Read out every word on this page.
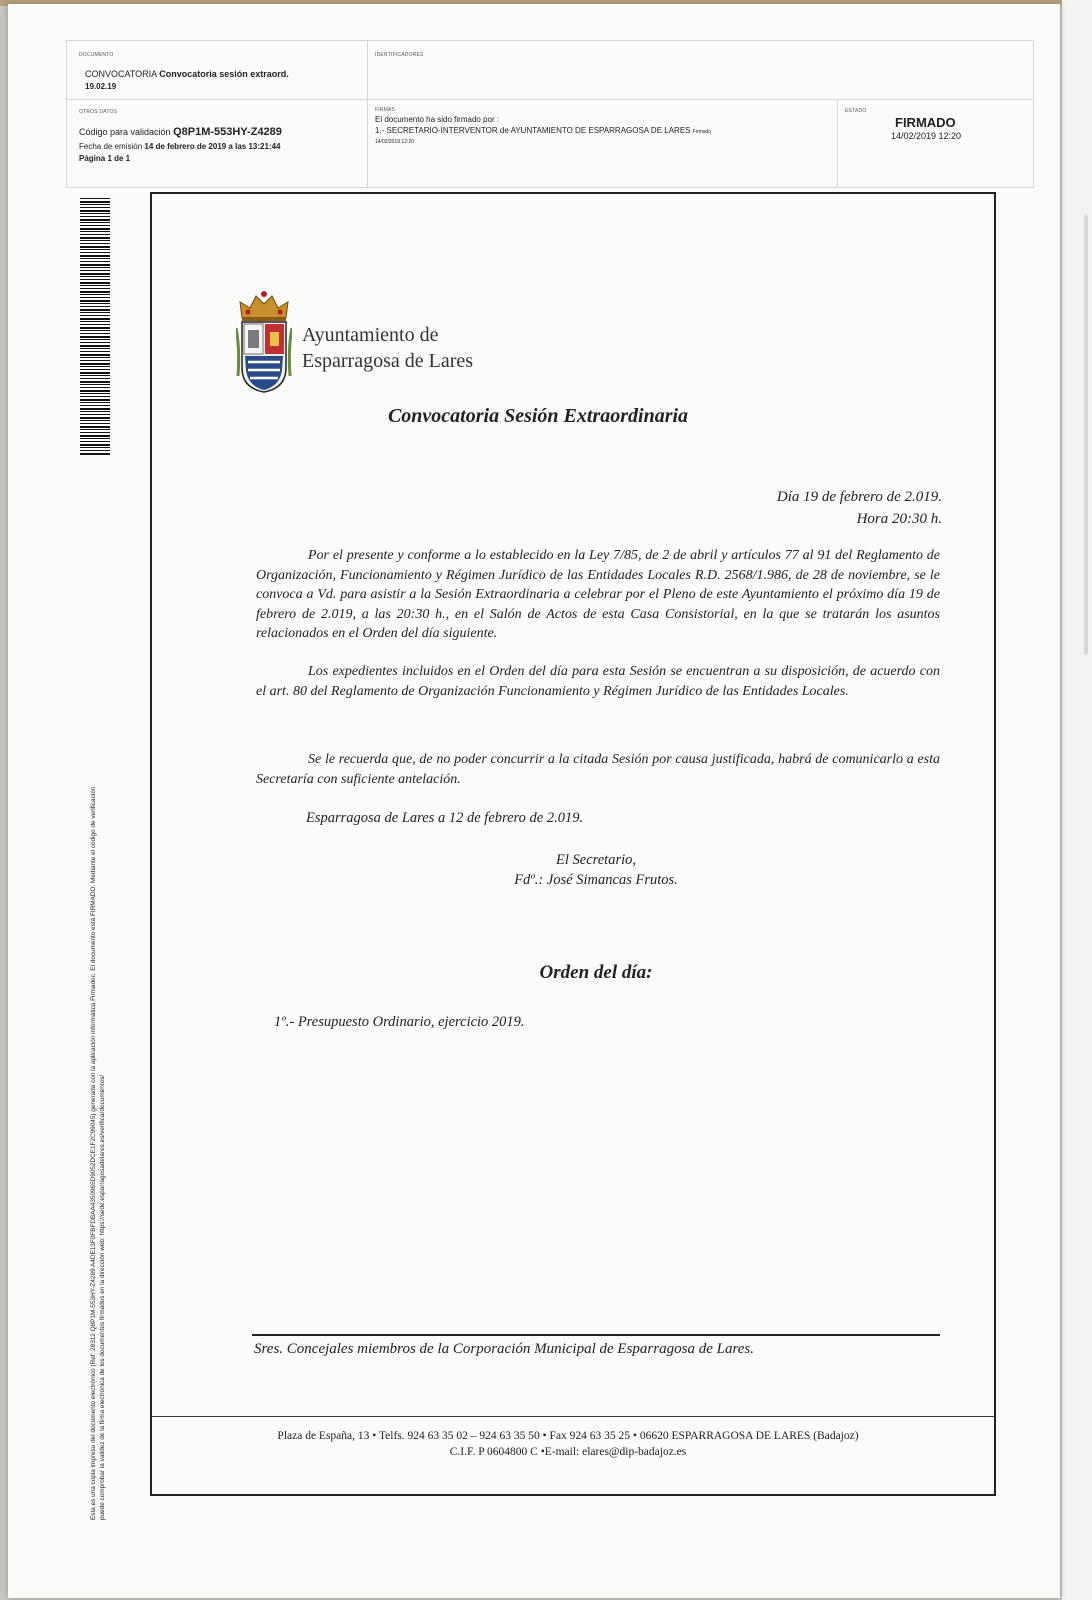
DOCUMENTO
CONVOCATORIA Convocatoria sesión extraord.
19.02.19
IDENTIFICADORES
OTROS DATOS
Código para validación Q8P1M-553HY-Z4289
Fecha de emisión 14 de febrero de 2019 a las 13:21:44
Página 1 de 1
FIRMAS
El documento ha sido firmado por :
1.- SECRETARIO-INTERVENTOR de AYUNTAMIENTO DE ESPARRAGOSA DE LARES Firmado
14/02/2019 12:20
ESTADO
FIRMADO
14/02/2019 12:20
Esta es una copia impresa del documento electrónico (Ref: 28312 Q8P1M-553HY-Z4289 A4DE13F0FBFDBAA4350965D9052DCE1F2C99045) generada con la aplicación informática Firmadoc. El documento está FIRMADO. Mediante el código de verificación puede comprobar la validez de la firma electrónica de los documentos firmados en la dirección web: https://sede.esparragosadelares.es/verificardocumentos/
Ayuntamiento de
Esparragosa de Lares
Convocatoria Sesión Extraordinaria
Día 19 de febrero de 2.019.
Hora 20:30 h.
Por el presente y conforme a lo establecido en la Ley 7/85, de 2 de abril y artículos 77 al 91 del Reglamento de Organización, Funcionamiento y Régimen Jurídico de las Entidades Locales R.D. 2568/1.986, de 28 de noviembre, se le convoca a Vd. para asistir a la Sesión Extraordinaria a celebrar por el Pleno de este Ayuntamiento el próximo día 19 de febrero de 2.019, a las 20:30 h., en el Salón de Actos de esta Casa Consistorial, en la que se tratarán los asuntos relacionados en el Orden del día siguiente.
Los expedientes incluidos en el Orden del día para esta Sesión se encuentran a su disposición, de acuerdo con el art. 80 del Reglamento de Organización Funcionamiento y Régimen Jurídico de las Entidades Locales.
Se le recuerda que, de no poder concurrir a la citada Sesión por causa justificada, habrá de comunicarlo a esta Secretaría con suficiente antelación.
Esparragosa de Lares a 12 de febrero de 2.019.
El Secretario,
Fdº.: José Simancas Frutos.
Orden del día:
1º.- Presupuesto Ordinario, ejercicio 2019.
Sres. Concejales miembros de la Corporación Municipal de Esparragosa de Lares.
Plaza de España, 13 • Telfs. 924 63 35 02 – 924 63 35 50 • Fax 924 63 35 25 • 06620 ESPARRAGOSA DE LARES (Badajoz)
C.I.F. P 0604800 C •E-mail: elares@dip-badajoz.es
